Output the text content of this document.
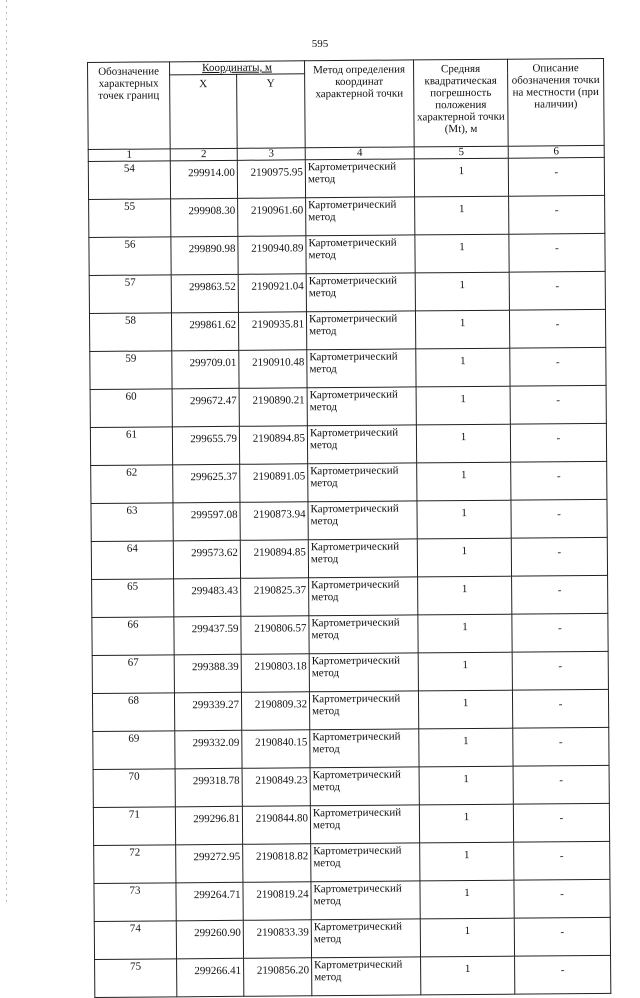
595
Обозначение характерных точек границ	Координаты, м		Метод определения координат характерной точки	Средняя квадратическая погрешность положения характерной точки (Mt), м	Описание обозначения точки на местности (при наличии)
	X	Y			
1	2	3	4	5	6
54	299914.00	2190975.95	Картометрический метод	1	-
55	299908.30	2190961.60	Картометрический метод	1	-
56	299890.98	2190940.89	Картометрический метод	1	-
57	299863.52	2190921.04	Картометрический метод	1	-
58	299861.62	2190935.81	Картометрический метод	1	-
59	299709.01	2190910.48	Картометрический метод	1	-
60	299672.47	2190890.21	Картометрический метод	1	-
61	299655.79	2190894.85	Картометрический метод	1	-
62	299625.37	2190891.05	Картометрический метод	1	-
63	299597.08	2190873.94	Картометрический метод	1	-
64	299573.62	2190894.85	Картометрический метод	1	-
65	299483.43	2190825.37	Картометрический метод	1	-
66	299437.59	2190806.57	Картометрический метод	1	-
67	299388.39	2190803.18	Картометрический метод	1	-
68	299339.27	2190809.32	Картометрический метод	1	-
69	299332.09	2190840.15	Картометрический метод	1	-
70	299318.78	2190849.23	Картометрический метод	1	-
71	299296.81	2190844.80	Картометрический метод	1	-
72	299272.95	2190818.82	Картометрический метод	1	-
73	299264.71	2190819.24	Картометрический метод	1	-
74	299260.90	2190833.39	Картометрический метод	1	-
75	299266.41	2190856.20	Картометрический метод	1	-
